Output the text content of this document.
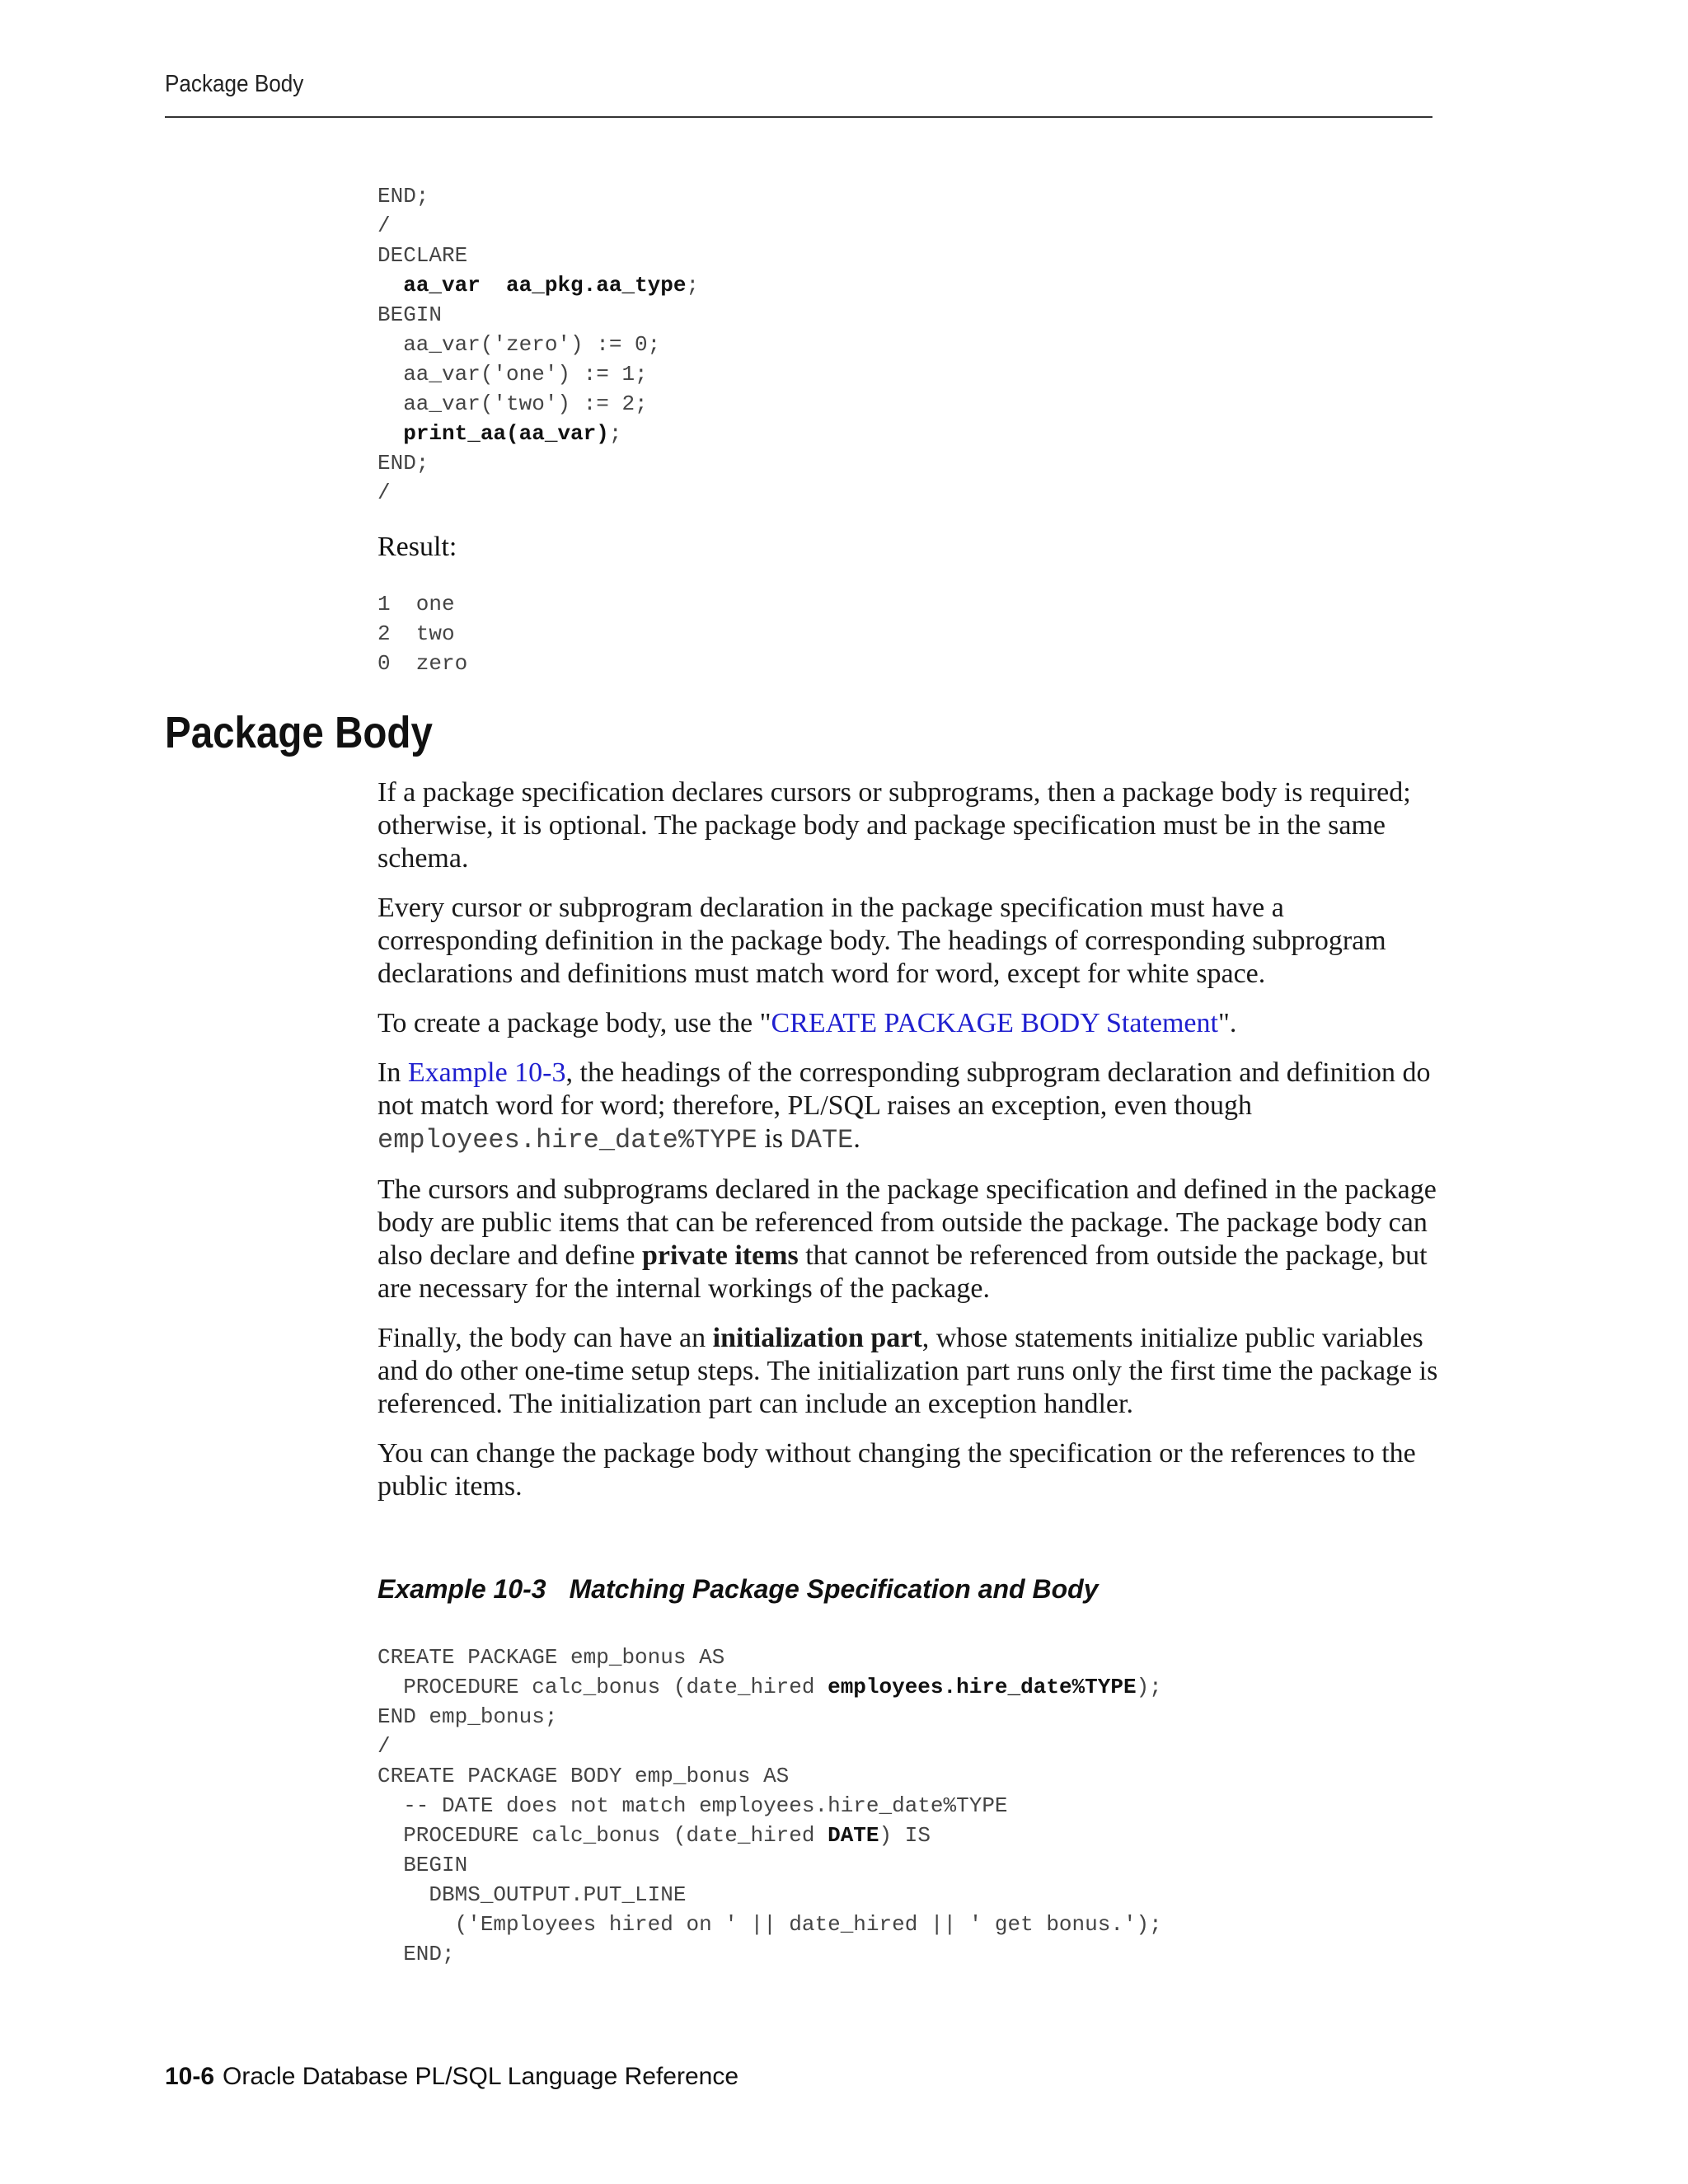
Package Body
END;
/
DECLARE
aa_var  aa_pkg.aa_type;
BEGIN
aa_var('zero') := 0;
aa_var('one') := 1;
aa_var('two') := 2;
print_aa(aa_var);
END;
/
Result:
1  one
2  two
0  zero
Package Body

If a package specification declares cursors or subprograms, then a package body is required; otherwise, it is optional. The package body and package specification must be in the same schema.

Every cursor or subprogram declaration in the package specification must have a corresponding definition in the package body. The headings of corresponding subprogram declarations and definitions must match word for word, except for white space.

To create a package body, use the "CREATE PACKAGE BODY Statement".

In Example 10-3, the headings of the corresponding subprogram declaration and definition do not match word for word; therefore, PL/SQL raises an exception, even though employees.hire_date%TYPE is DATE.

The cursors and subprograms declared in the package specification and defined in the package body are public items that can be referenced from outside the package. The package body can also declare and define private items that cannot be referenced from outside the package, but are necessary for the internal workings of the package.

Finally, the body can have an initialization part, whose statements initialize public variables and do other one-time setup steps. The initialization part runs only the first time the package is referenced. The initialization part can include an exception handler.

You can change the package body without changing the specification or the references to the public items.

Example 10-3 Matching Package Specification and Body
CREATE PACKAGE emp_bonus AS
PROCEDURE calc_bonus (date_hired employees.hire_date%TYPE);
END emp_bonus;
/
CREATE PACKAGE BODY emp_bonus AS
-- DATE does not match employees.hire_date%TYPE
PROCEDURE calc_bonus (date_hired DATE) IS
BEGIN
DBMS_OUTPUT.PUT_LINE
('Employees hired on ' || date_hired || ' get bonus.');
END;
10-6 Oracle Database PL/SQL Language Reference
